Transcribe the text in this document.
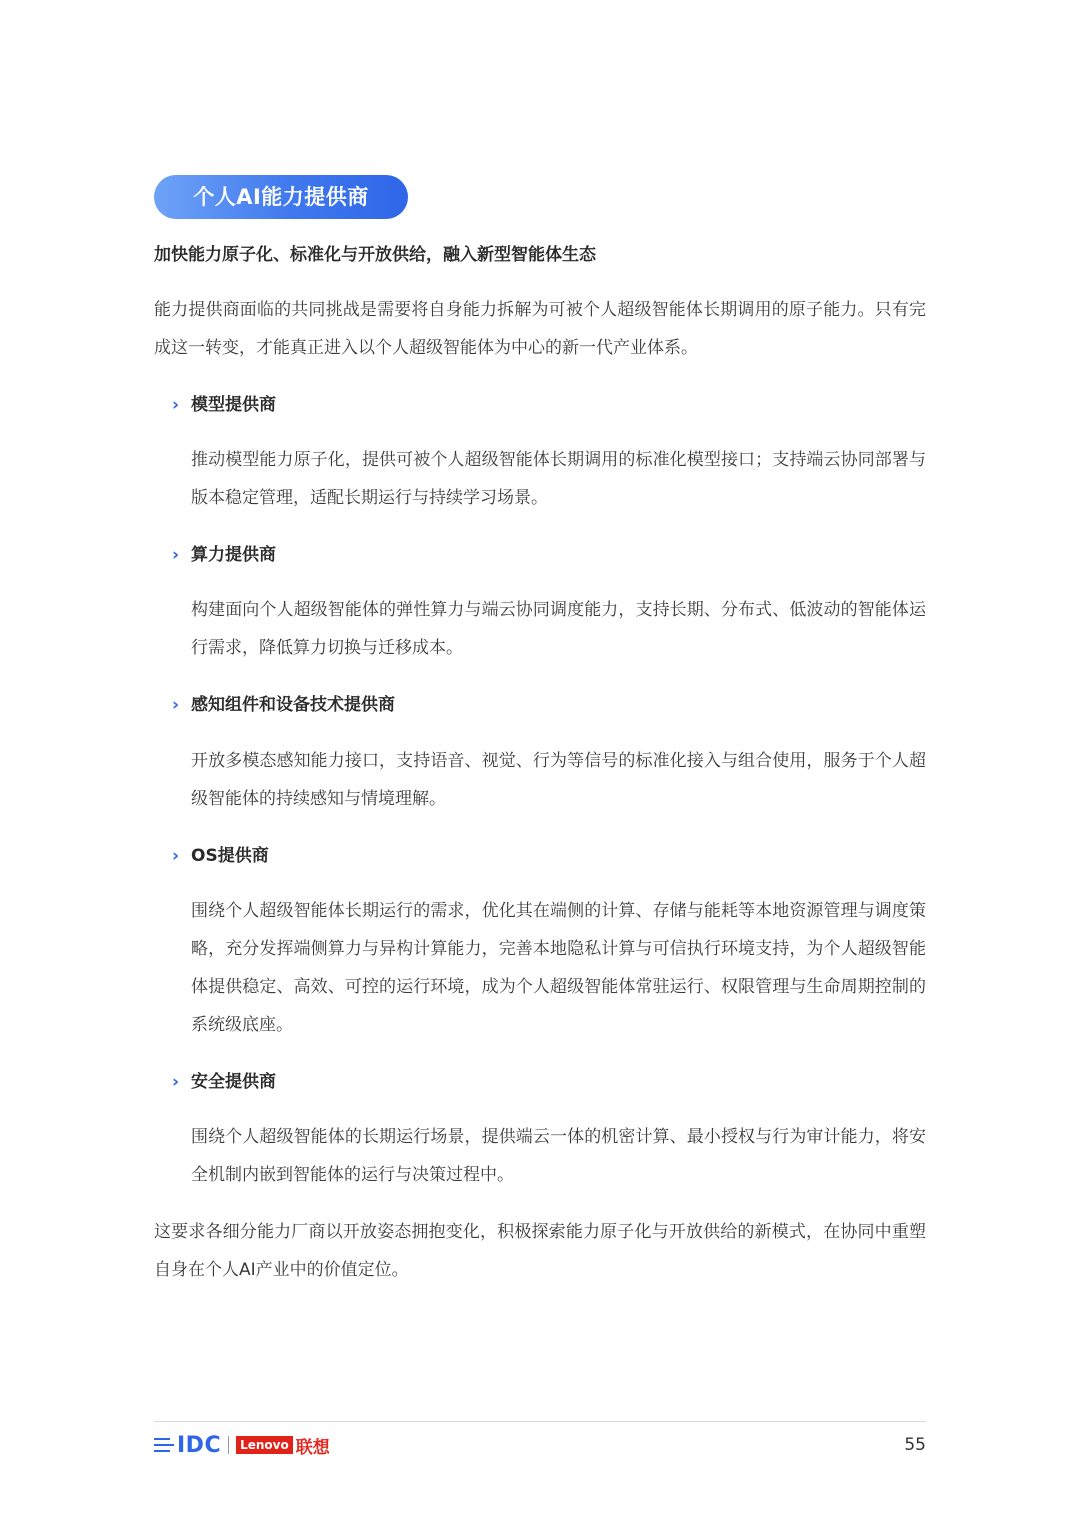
个人AI能力提供商
加快能力原子化、标准化与开放供给，融入新型智能体生态

能力提供商面临的共同挑战是需要将自身能力拆解为可被个人超级智能体长期调用的原子能力。只有完成这一转变，才能真正进入以个人超级智能体为中心的新一代产业体系。

› 模型提供商

推动模型能力原子化，提供可被个人超级智能体长期调用的标准化模型接口；支持端云协同部署与版本稳定管理，适配长期运行与持续学习场景。

› 算力提供商

构建面向个人超级智能体的弹性算力与端云协同调度能力，支持长期、分布式、低波动的智能体运行需求，降低算力切换与迁移成本。

› 感知组件和设备技术提供商

开放多模态感知能力接口，支持语音、视觉、行为等信号的标准化接入与组合使用，服务于个人超级智能体的持续感知与情境理解。

› OS提供商

围绕个人超级智能体长期运行的需求，优化其在端侧的计算、存储与能耗等本地资源管理与调度策略，充分发挥端侧算力与异构计算能力，完善本地隐私计算与可信执行环境支持，为个人超级智能体提供稳定、高效、可控的运行环境，成为个人超级智能体常驻运行、权限管理与生命周期控制的系统级底座。

› 安全提供商

围绕个人超级智能体的长期运行场景，提供端云一体的机密计算、最小授权与行为审计能力，将安全机制内嵌到智能体的运行与决策过程中。

这要求各细分能力厂商以开放姿态拥抱变化，积极探索能力原子化与开放供给的新模式，在协同中重塑自身在个人AI产业中的价值定位。

IDC	Lenovo 联想	55
